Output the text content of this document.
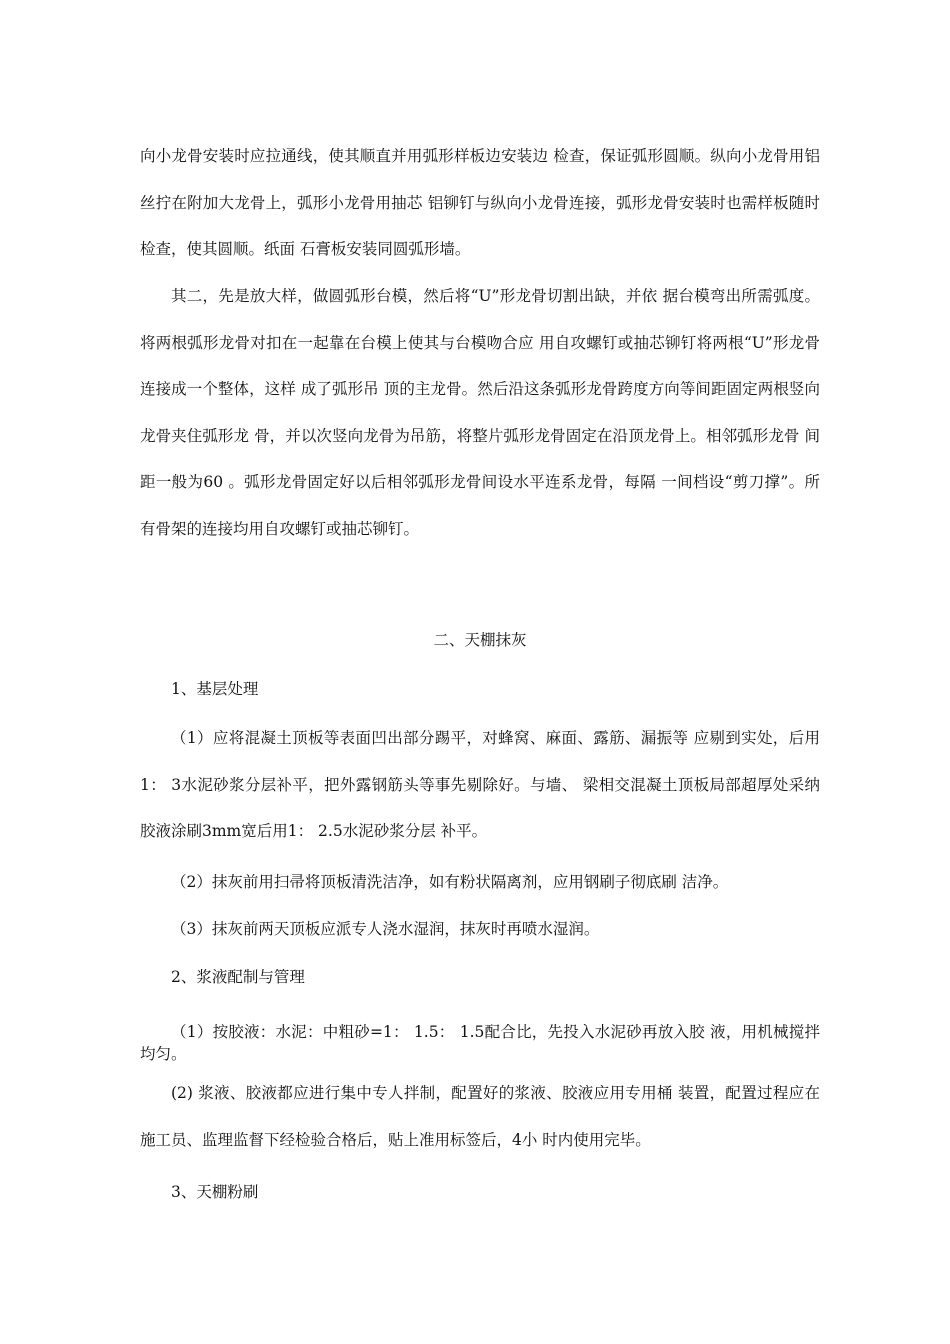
向小龙骨安装时应拉通线，使其顺直并用弧形样板边安装边 检查，保证弧形圆顺。纵向小龙骨用铝丝拧在附加大龙骨上，弧形小龙骨用抽芯 铝铆钉与纵向小龙骨连接，弧形龙骨安装时也需样板随时检查，使其圆顺。纸面 石膏板安装同圆弧形墙。

其二，先是放大样，做圆弧形台模，然后将“U”形龙骨切割出缺，并依 据台模弯出所需弧度。将两根弧形龙骨对扣在一起靠在台模上使其与台模吻合应 用自攻螺钉或抽芯铆钉将两根“U”形龙骨连接成一个整体，这样 成了弧形吊 顶的主龙骨。然后沿这条弧形龙骨跨度方向等间距固定两根竖向龙骨夹住弧形龙 骨，并以次竖向龙骨为吊筋，将整片弧形龙骨固定在沿顶龙骨上。相邻弧形龙骨 间距一般为60 。弧形龙骨固定好以后相邻弧形龙骨间设水平连系龙骨，每隔 一间档设“剪刀撑”。所有骨架的连接均用自攻螺钉或抽芯铆钉。

二、天棚抹灰

1、基层处理

（1）应将混凝土顶板等表面凹出部分踢平，对蜂窝、麻面、露筋、漏振等 应剔到实处，后用1： 3水泥砂浆分层补平，把外露钢筋头等事先剔除好。与墙、 梁相交混凝土顶板局部超厚处采纳胶液涂刷3mm宽后用1： 2.5水泥砂浆分层 补平。

（2）抹灰前用扫帚将顶板清洗洁净，如有粉状隔离剂，应用钢刷子彻底刷 洁净。

（3）抹灰前两天顶板应派专人浇水湿润，抹灰时再喷水湿润。

2、浆液配制与管理

（1）按胶液：水泥：中粗砂=1： 1.5： 1.5配合比，先投入水泥砂再放入胶 液，用机械搅拌均匀。

(2) 浆液、胶液都应进行集中专人拌制，配置好的浆液、胶液应用专用桶 装置，配置过程应在施工员、监理监督下经检验合格后，贴上准用标签后，4小 时内使用完毕。

3、天棚粉刷
